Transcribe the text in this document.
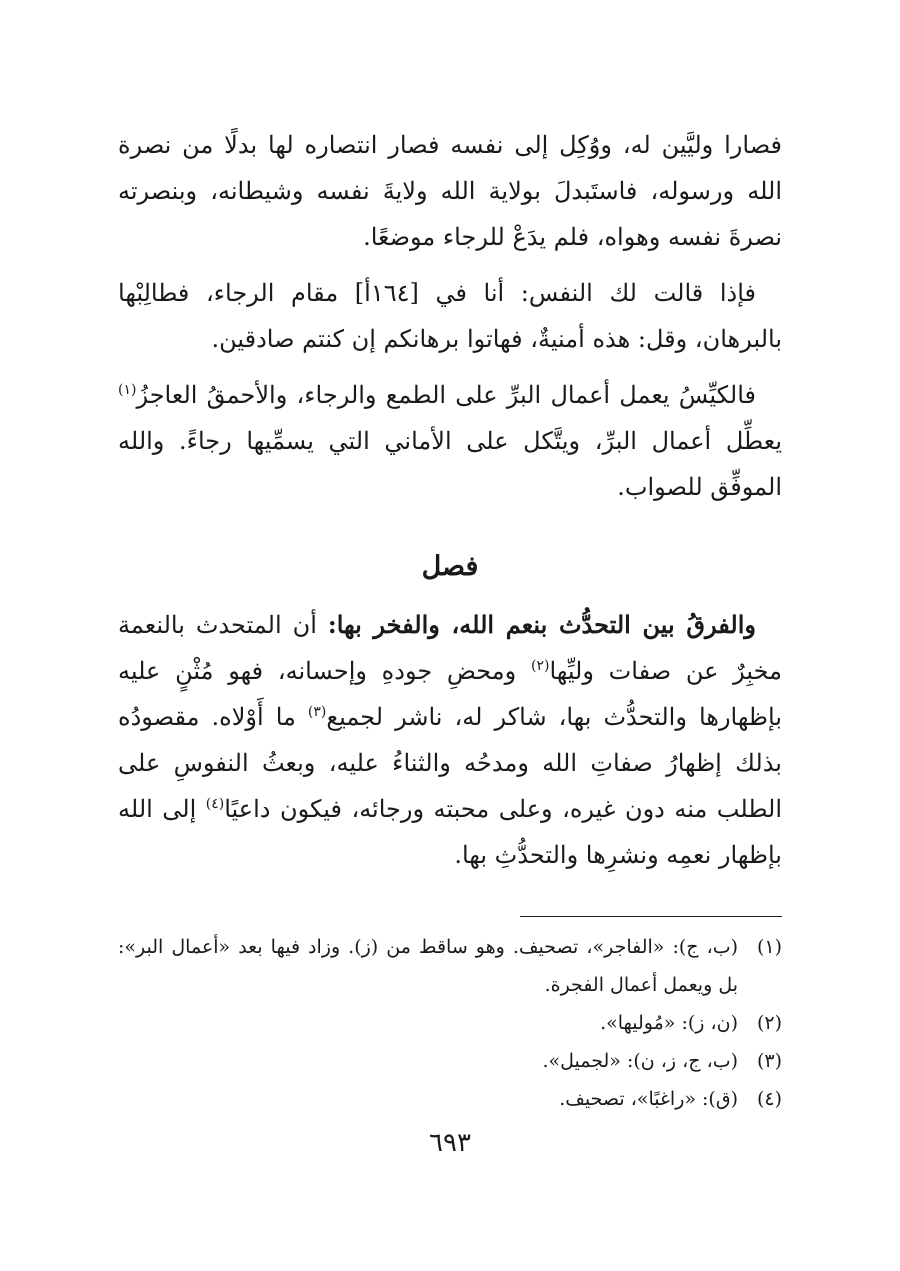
فصارا وليَّين له، ووُكِل إلى نفسه فصار انتصاره لها بدلًا من نصرة الله ورسوله، فاستَبدلَ بولاية الله ولايةَ نفسه وشيطانه، وبنصرته نصرةَ نفسه وهواه، فلم يدَعْ للرجاء موضعًا.

فإذا قالت لك النفس: أنا في [١٦٤أ] مقام الرجاء، فطالِبْها بالبرهان، وقل: هذه أمنيةٌ، فهاتوا برهانكم إن كنتم صادقين.

فالكيِّسُ يعمل أعمال البرِّ على الطمع والرجاء، والأحمقُ العاجزُ$^{(١)}$ يعطِّل أعمال البرِّ، ويتَّكل على الأماني التي يسمِّيها رجاءً. والله الموفِّق للصواب.

فصل

والفرقُ بين التحدُّث بنعم الله، والفخر بها: أن المتحدث بالنعمة مخبِرٌ عن صفات وليِّها$^{(٢)}$ ومحضِ جودهِ وإحسانه، فهو مُثْنٍ عليه بإظهارها والتحدُّث بها، شاكر له، ناشر لجميع$^{(٣)}$ ما أَوْلاه. مقصودُه بذلك إظهارُ صفاتِ الله ومدحُه والثناءُ عليه، وبعثُ النفوسِ على الطلب منه دون غيره، وعلى محبته ورجائه، فيكون داعيًا$^{(٤)}$ إلى الله بإظهار نعمِه ونشرِها والتحدُّثِ بها.

(١)
(ب، ج): «الفاجر»، تصحيف. وهو ساقط من (ز). وزاد فيها بعد «أعمال البر»: بل ويعمل أعمال الفجرة.
(٢)
(ن، ز): «مُوليها».
(٣)
(ب، ج، ز، ن): «لجميل».
(٤)
(ق): «راغبًا»، تصحيف.
٦٩٣
